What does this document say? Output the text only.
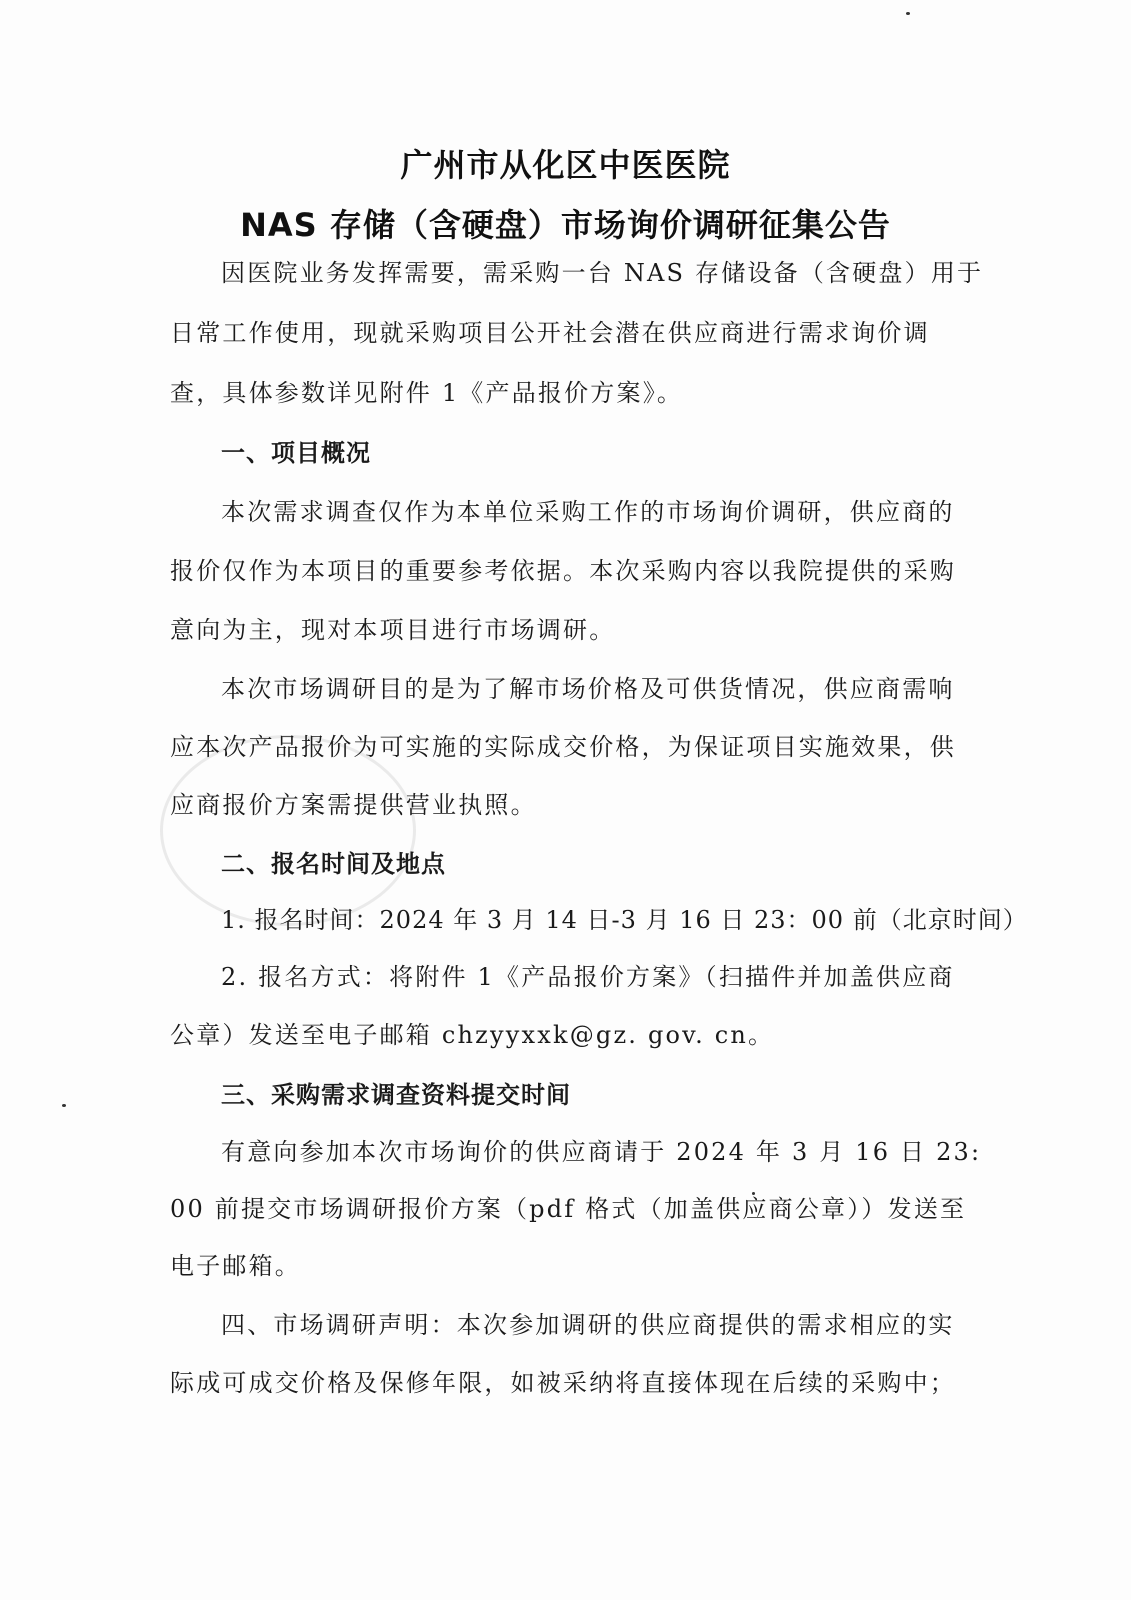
广州市从化区中医医院
NAS 存储（含硬盘）市场询价调研征集公告
因医院业务发挥需要，需采购一台 NAS 存储设备（含硬盘）用于
日常工作使用，现就采购项目公开社会潜在供应商进行需求询价调
查，具体参数详见附件 1《产品报价方案》。
一、项目概况
本次需求调查仅作为本单位采购工作的市场询价调研，供应商的
报价仅作为本项目的重要参考依据。本次采购内容以我院提供的采购
意向为主，现对本项目进行市场调研。
本次市场调研目的是为了解市场价格及可供货情况，供应商需响
应本次产品报价为可实施的实际成交价格，为保证项目实施效果，供
应商报价方案需提供营业执照。
二、报名时间及地点
1. 报名时间：2024 年 3 月 14 日-3 月 16 日 23：00 前（北京时间）
2. 报名方式：将附件 1《产品报价方案》（扫描件并加盖供应商
公章）发送至电子邮箱 chzyyxxk@gz. gov. cn。
三、采购需求调查资料提交时间
有意向参加本次市场询价的供应商请于 2024 年 3 月 16 日 23:
00 前提交市场调研报价方案（pdf 格式（加盖供应商公章））发送至
电子邮箱。
四、市场调研声明：本次参加调研的供应商提供的需求相应的实
际成可成交价格及保修年限，如被采纳将直接体现在后续的采购中；
